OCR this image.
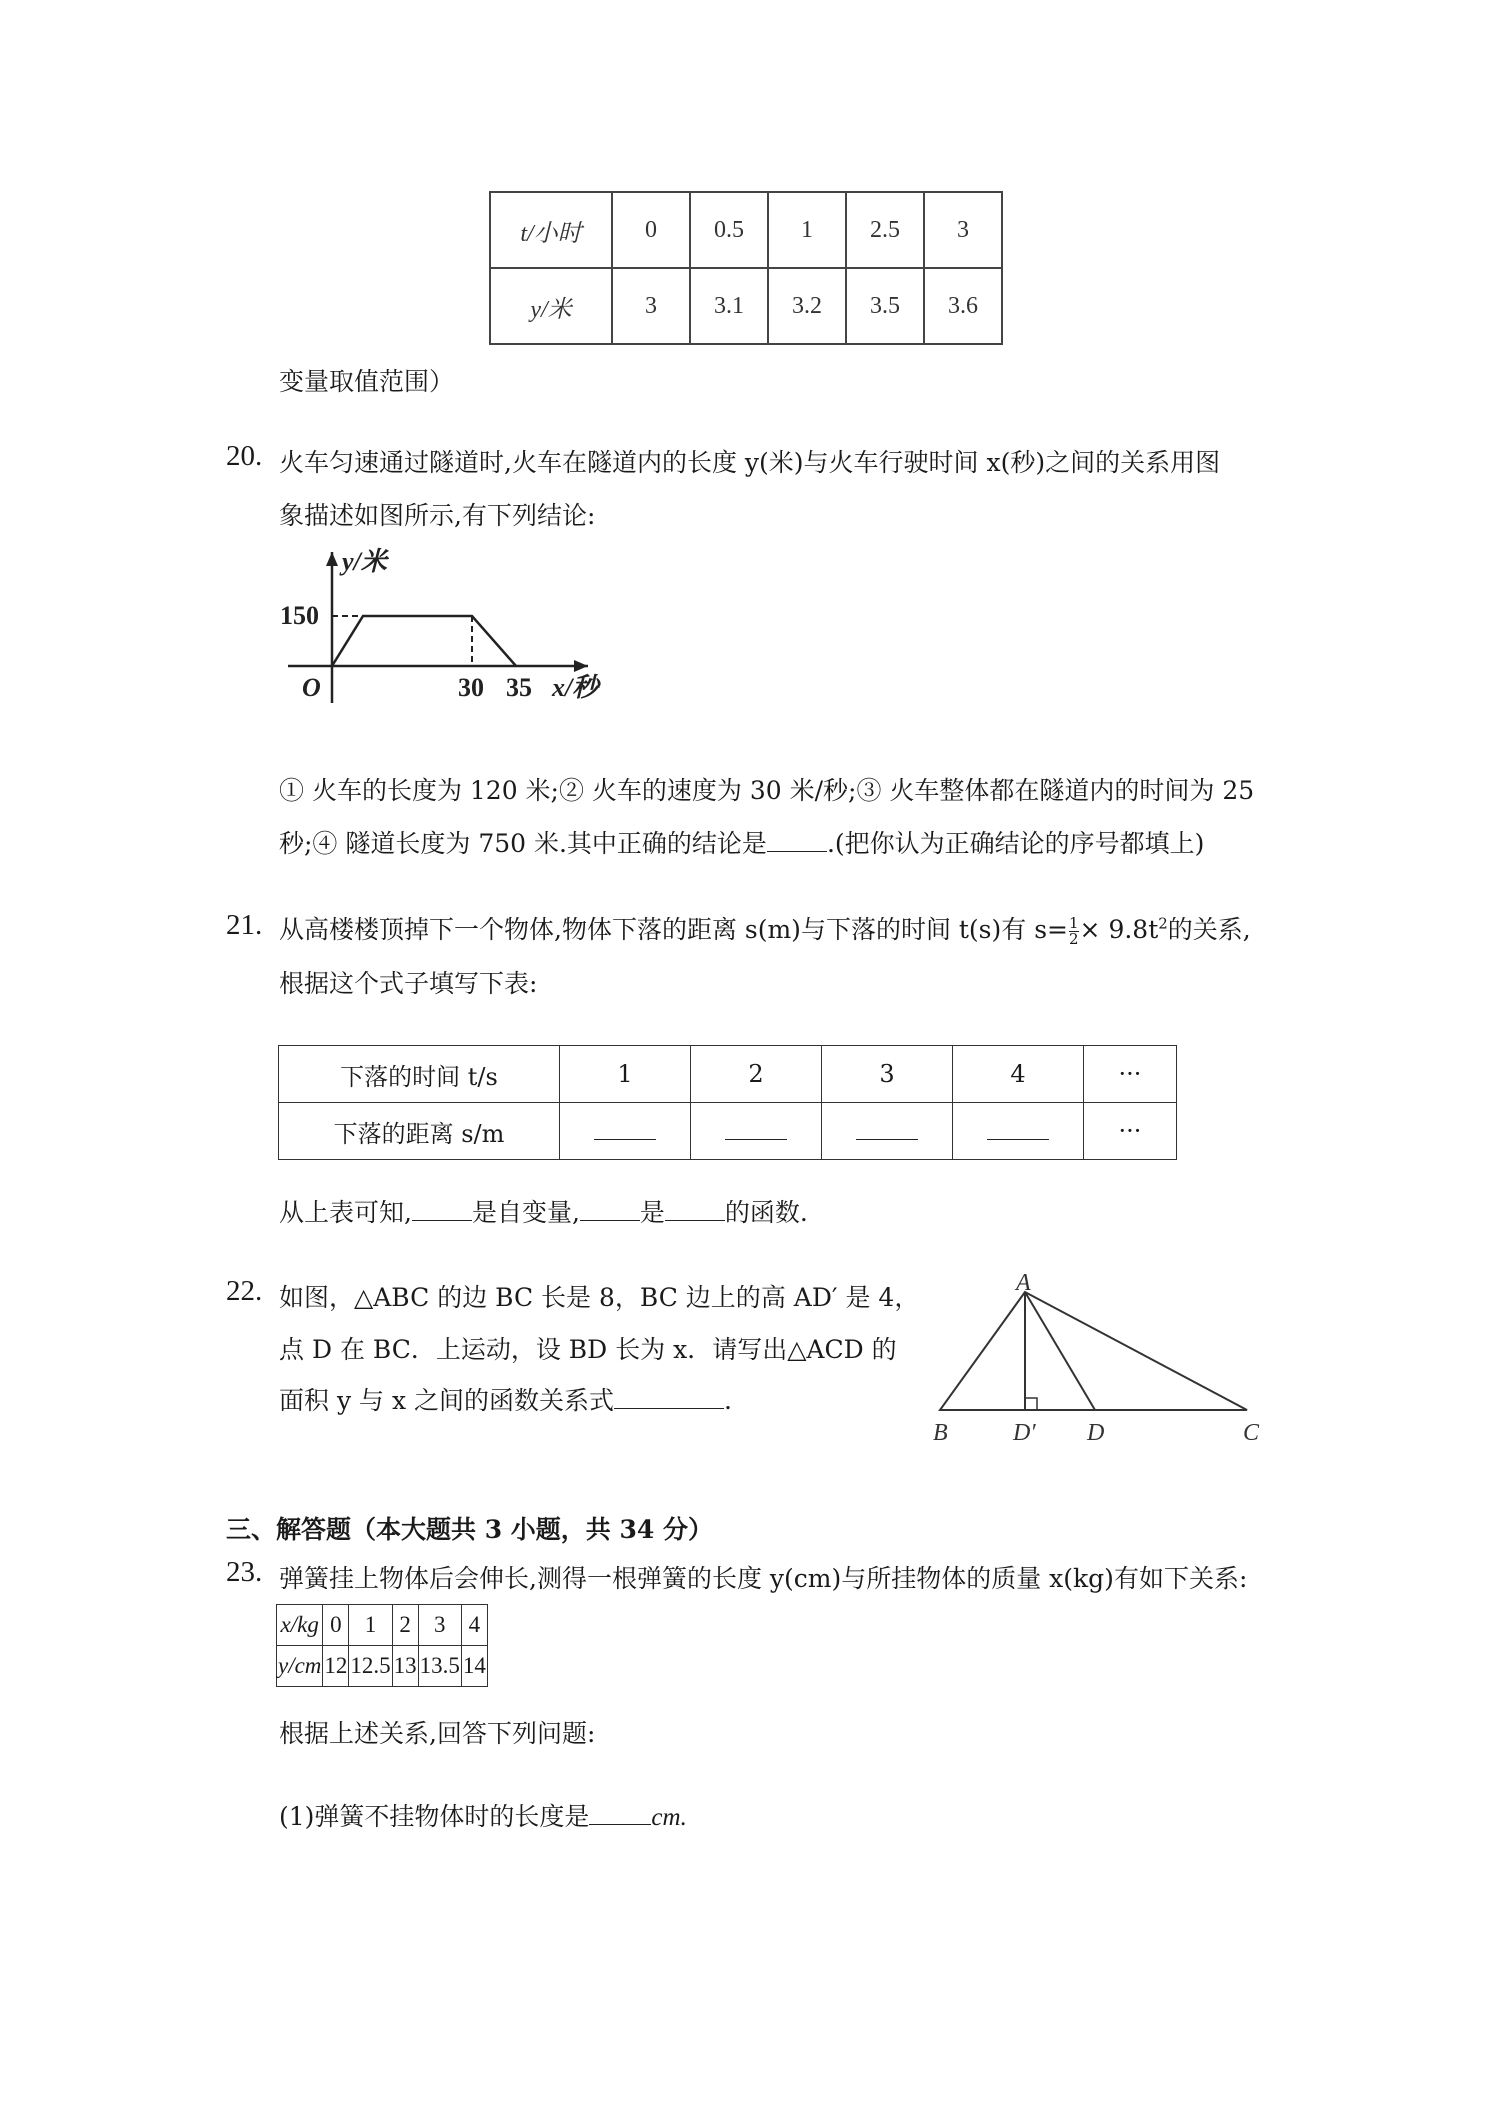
t/小时	0	0.5	1	2.5	3
y/米	3	3.1	3.2	3.5	3.6
变量取值范围）
20. 火车匀速通过隧道时,火车在隧道内的长度 y(米)与火车行驶时间 x(秒)之间的关系用图
象描述如图所示,有下列结论:
y/米
150
O	30 35 x/秒
① 火车的长度为 120 米;② 火车的速度为 30 米/秒;③ 火车整体都在隧道内的时间为 25
秒;④ 隧道长度为 750 米.其中正确的结论是 .(把你认为正确结论的序号都填上)
21. 从高楼楼顶掉下一个物体,物体下落的距离 s(m)与下落的时间 t(s)有 $s= \frac{1}{2} \times 9.8t^2$的关系,
根据这个式子填写下表:
下落的时间 t/s	1	2	3	4	···
下落的距离 s/m					···
从上表可知, 是自变量, 是 的函数.
22. 如图，△ABC 的边 BC 长是 8，BC 边上的高 AD′ 是 4，
点 D 在 BC．上运动，设 BD 长为 x．请写出△ACD 的
面积 y 与 x 之间的函数关系式	.
A
B	D′ D	C
三、解答题（本大题共 3 小题，共 34 分）
23. 弹簧挂上物体后会伸长,测得一根弹簧的长度 y(cm)与所挂物体的质量 x(kg)有如下关系:
x/kg	0	1	2	3	4
y/cm	12	12.5	13	13.5	14
根据上述关系,回答下列问题:
(1)弹簧不挂物体时的长度是 cm.
